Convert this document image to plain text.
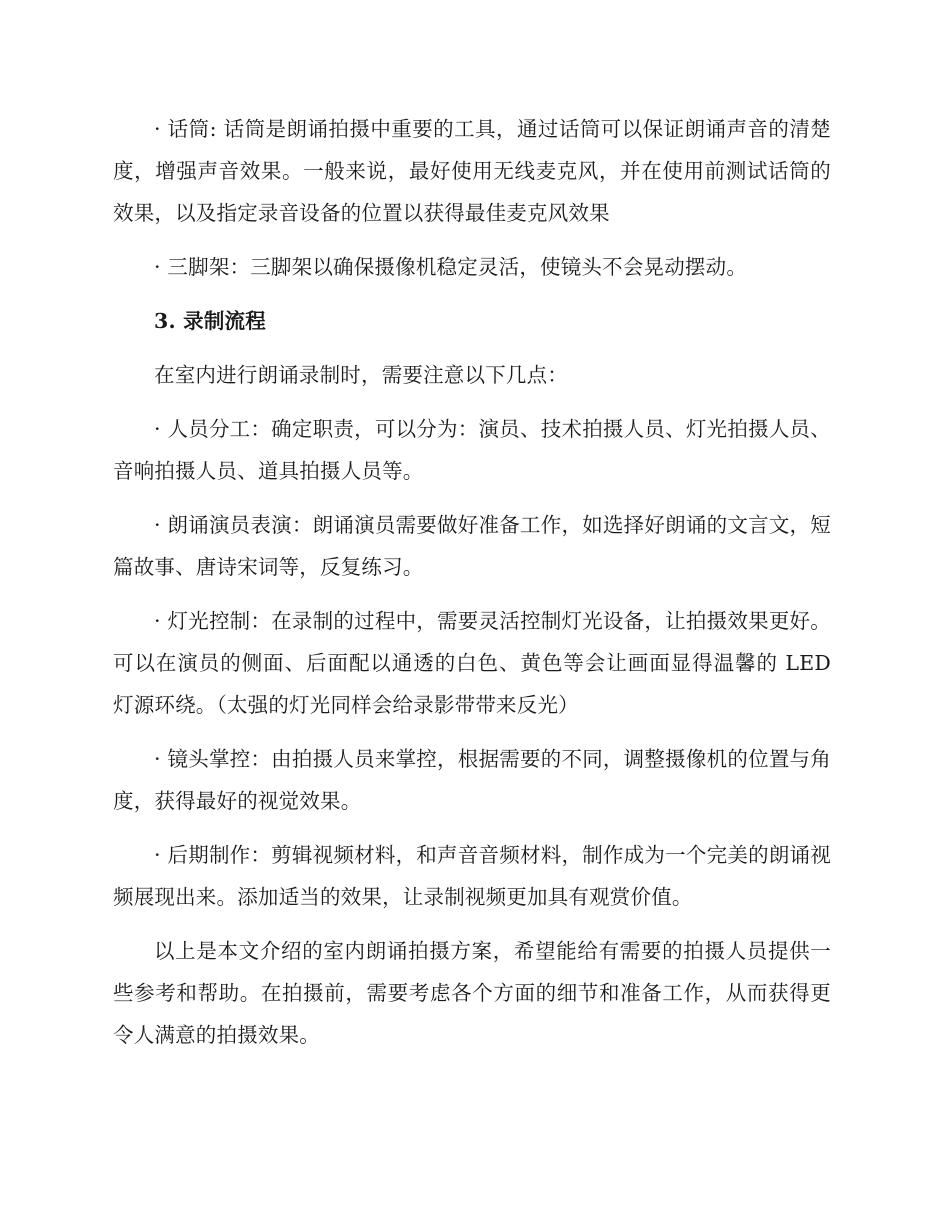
· 话筒: 话筒是朗诵拍摄中重要的工具，通过话筒可以保证朗诵声音的清楚度，增强声音效果。一般来说，最好使用无线麦克风，并在使用前测试话筒的效果，以及指定录音设备的位置以获得最佳麦克风效果

· 三脚架：三脚架以确保摄像机稳定灵活，使镜头不会晃动摆动。

3. 录制流程

在室内进行朗诵录制时，需要注意以下几点：

· 人员分工：确定职责，可以分为：演员、技术拍摄人员、灯光拍摄人员、音响拍摄人员、道具拍摄人员等。

· 朗诵演员表演：朗诵演员需要做好准备工作，如选择好朗诵的文言文，短篇故事、唐诗宋词等，反复练习。

· 灯光控制：在录制的过程中，需要灵活控制灯光设备，让拍摄效果更好。可以在演员的侧面、后面配以通透的白色、黄色等会让画面显得温馨的 LED 灯源环绕。（太强的灯光同样会给录影带带来反光）

· 镜头掌控：由拍摄人员来掌控，根据需要的不同，调整摄像机的位置与角度，获得最好的视觉效果。

· 后期制作：剪辑视频材料，和声音音频材料，制作成为一个完美的朗诵视频展现出来。添加适当的效果，让录制视频更加具有观赏价值。

以上是本文介绍的室内朗诵拍摄方案，希望能给有需要的拍摄人员提供一些参考和帮助。在拍摄前，需要考虑各个方面的细节和准备工作，从而获得更令人满意的拍摄效果。
